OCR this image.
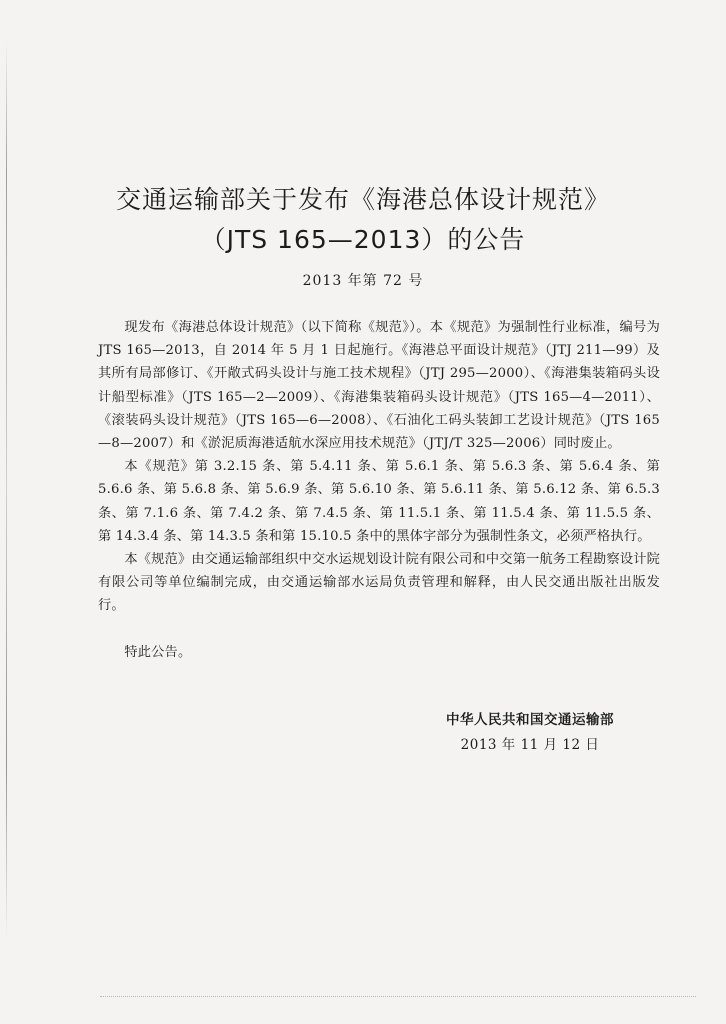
交通运输部关于发布《海港总体设计规范》
（JTS 165—2013）的公告
2013 年第 72 号

现发布《海港总体设计规范》（以下简称《规范》）。本《规范》为强制性行业标准，编号为 JTS 165—2013，自 2014 年 5 月 1 日起施行。《海港总平面设计规范》（JTJ 211—99）及其所有局部修订、《开敞式码头设计与施工技术规程》（JTJ 295—2000）、《海港集装箱码头设计船型标准》（JTS 165—2—2009）、《海港集装箱码头设计规范》（JTS 165—4—2011）、《滚装码头设计规范》（JTS 165—6—2008）、《石油化工码头装卸工艺设计规范》（JTS 165—8—2007）和《淤泥质海港适航水深应用技术规范》（JTJ/T 325—2006）同时废止。

本《规范》第 3.2.15 条、第 5.4.11 条、第 5.6.1 条、第 5.6.3 条、第 5.6.4 条、第 5.6.6 条、第 5.6.8 条、第 5.6.9 条、第 5.6.10 条、第 5.6.11 条、第 5.6.12 条、第 6.5.3 条、第 7.1.6 条、第 7.4.2 条、第 7.4.5 条、第 11.5.1 条、第 11.5.4 条、第 11.5.5 条、第 14.3.4 条、第 14.3.5 条和第 15.10.5 条中的黑体字部分为强制性条文，必须严格执行。

本《规范》由交通运输部组织中交水运规划设计院有限公司和中交第一航务工程勘察设计院有限公司等单位编制完成，由交通运输部水运局负责管理和解释，由人民交通出版社出版发行。

特此公告。

中华人民共和国交通运输部
2013 年 11 月 12 日
